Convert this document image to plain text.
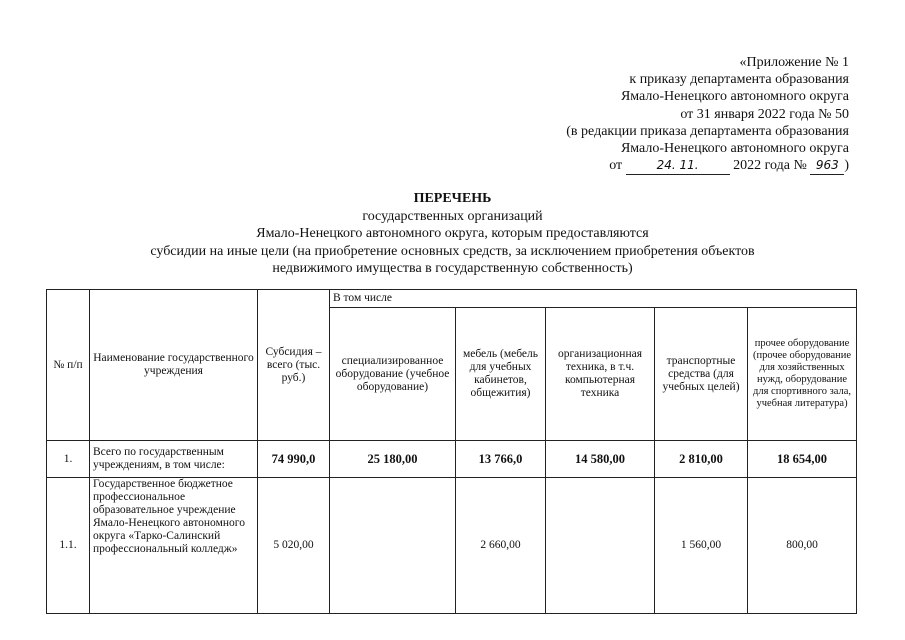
«Приложение № 1
к приказу департамента образования
Ямало-Ненецкого автономного округа
от 31 января 2022 года № 50
(в редакции приказа департамента образования
Ямало-Ненецкого автономного округа
от	24. 11. 2022 года № 963 )
ПЕРЕЧЕНЬ
государственных организаций
Ямало-Ненецкого автономного округа, которым предоставляются
субсидии на иные цели (на приобретение основных средств, за исключением приобретения объектов
недвижимого имущества в государственную собственность)
№ п/п	Наименование государственного учреждения	Субсидия – всего (тыс. руб.)	В том числе				
			специализированное оборудование (учебное оборудование)	мебель (мебель для учебных кабинетов, общежития)	организационная техника, в т.ч. компьютерная техника	транспортные средства (для учебных целей)	прочее оборудование (прочее оборудование для хозяйственных нужд, оборудование для спортивного зала, учебная литература)
1.	Всего по государственным учреждениям, в том числе:	74 990,0	25 180,00	13 766,0	14 580,00	2 810,00	18 654,00
1.1.	Государственное бюджетное профессиональное образовательное учреждение Ямало-Ненецкого автономного округа «Тарко-Салинский профессиональный колледж»	5 020,00		2 660,00		1 560,00	800,00
